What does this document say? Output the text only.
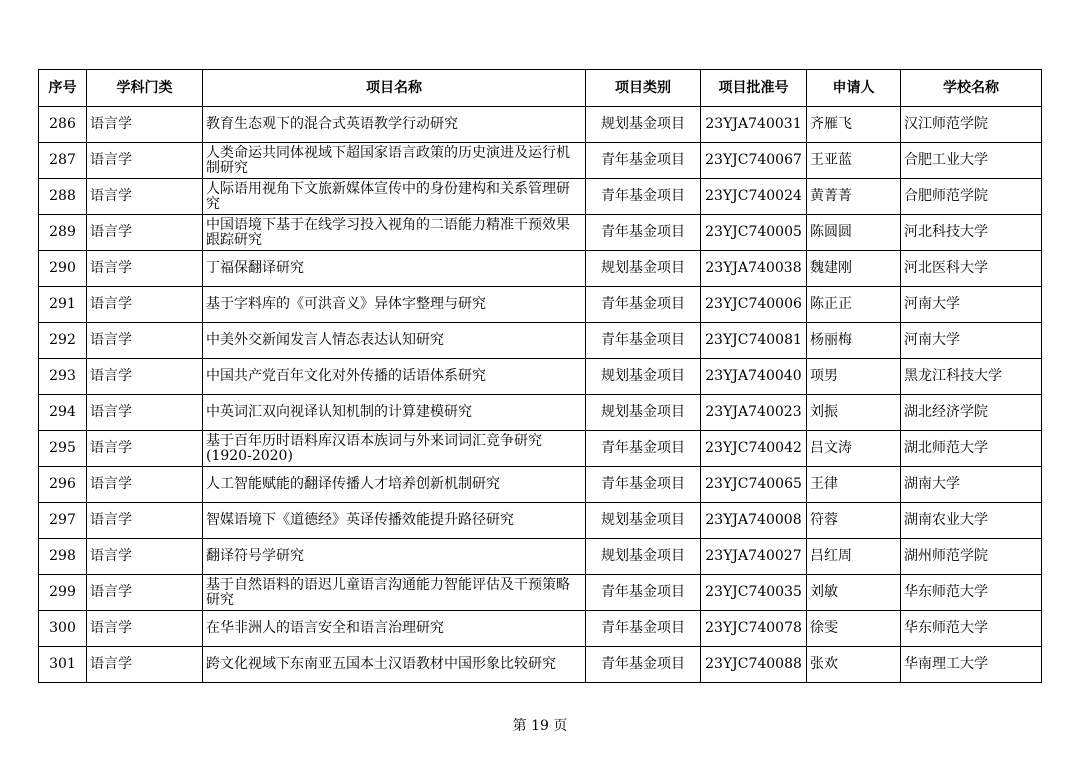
序号	学科门类	项目名称	项目类别	项目批准号	申请人	学校名称
286	语言学	教育生态观下的混合式英语教学行动研究	规划基金项目	23YJA740031	齐雁飞	汉江师范学院
287	语言学	人类命运共同体视域下超国家语言政策的历史演进及运行机制研究	青年基金项目	23YJC740067	王亚蓝	合肥工业大学
288	语言学	人际语用视角下文旅新媒体宣传中的身份建构和关系管理研究	青年基金项目	23YJC740024	黄菁菁	合肥师范学院
289	语言学	中国语境下基于在线学习投入视角的二语能力精准干预效果跟踪研究	青年基金项目	23YJC740005	陈圆圆	河北科技大学
290	语言学	丁福保翻译研究	规划基金项目	23YJA740038	魏建刚	河北医科大学
291	语言学	基于字料库的《可洪音义》异体字整理与研究	青年基金项目	23YJC740006	陈正正	河南大学
292	语言学	中美外交新闻发言人情态表达认知研究	青年基金项目	23YJC740081	杨丽梅	河南大学
293	语言学	中国共产党百年文化对外传播的话语体系研究	规划基金项目	23YJA740040	项男	黑龙江科技大学
294	语言学	中英词汇双向视译认知机制的计算建模研究	规划基金项目	23YJA740023	刘振	湖北经济学院
295	语言学	基于百年历时语料库汉语本族词与外来词词汇竞争研究(1920-2020)	青年基金项目	23YJC740042	吕文涛	湖北师范大学
296	语言学	人工智能赋能的翻译传播人才培养创新机制研究	青年基金项目	23YJC740065	王律	湖南大学
297	语言学	智媒语境下《道德经》英译传播效能提升路径研究	规划基金项目	23YJA740008	符蓉	湖南农业大学
298	语言学	翻译符号学研究	规划基金项目	23YJA740027	吕红周	湖州师范学院
299	语言学	基于自然语料的语迟儿童语言沟通能力智能评估及干预策略研究	青年基金项目	23YJC740035	刘敏	华东师范大学
300	语言学	在华非洲人的语言安全和语言治理研究	青年基金项目	23YJC740078	徐雯	华东师范大学
301	语言学	跨文化视域下东南亚五国本土汉语教材中国形象比较研究	青年基金项目	23YJC740088	张欢	华南理工大学
第 19 页
